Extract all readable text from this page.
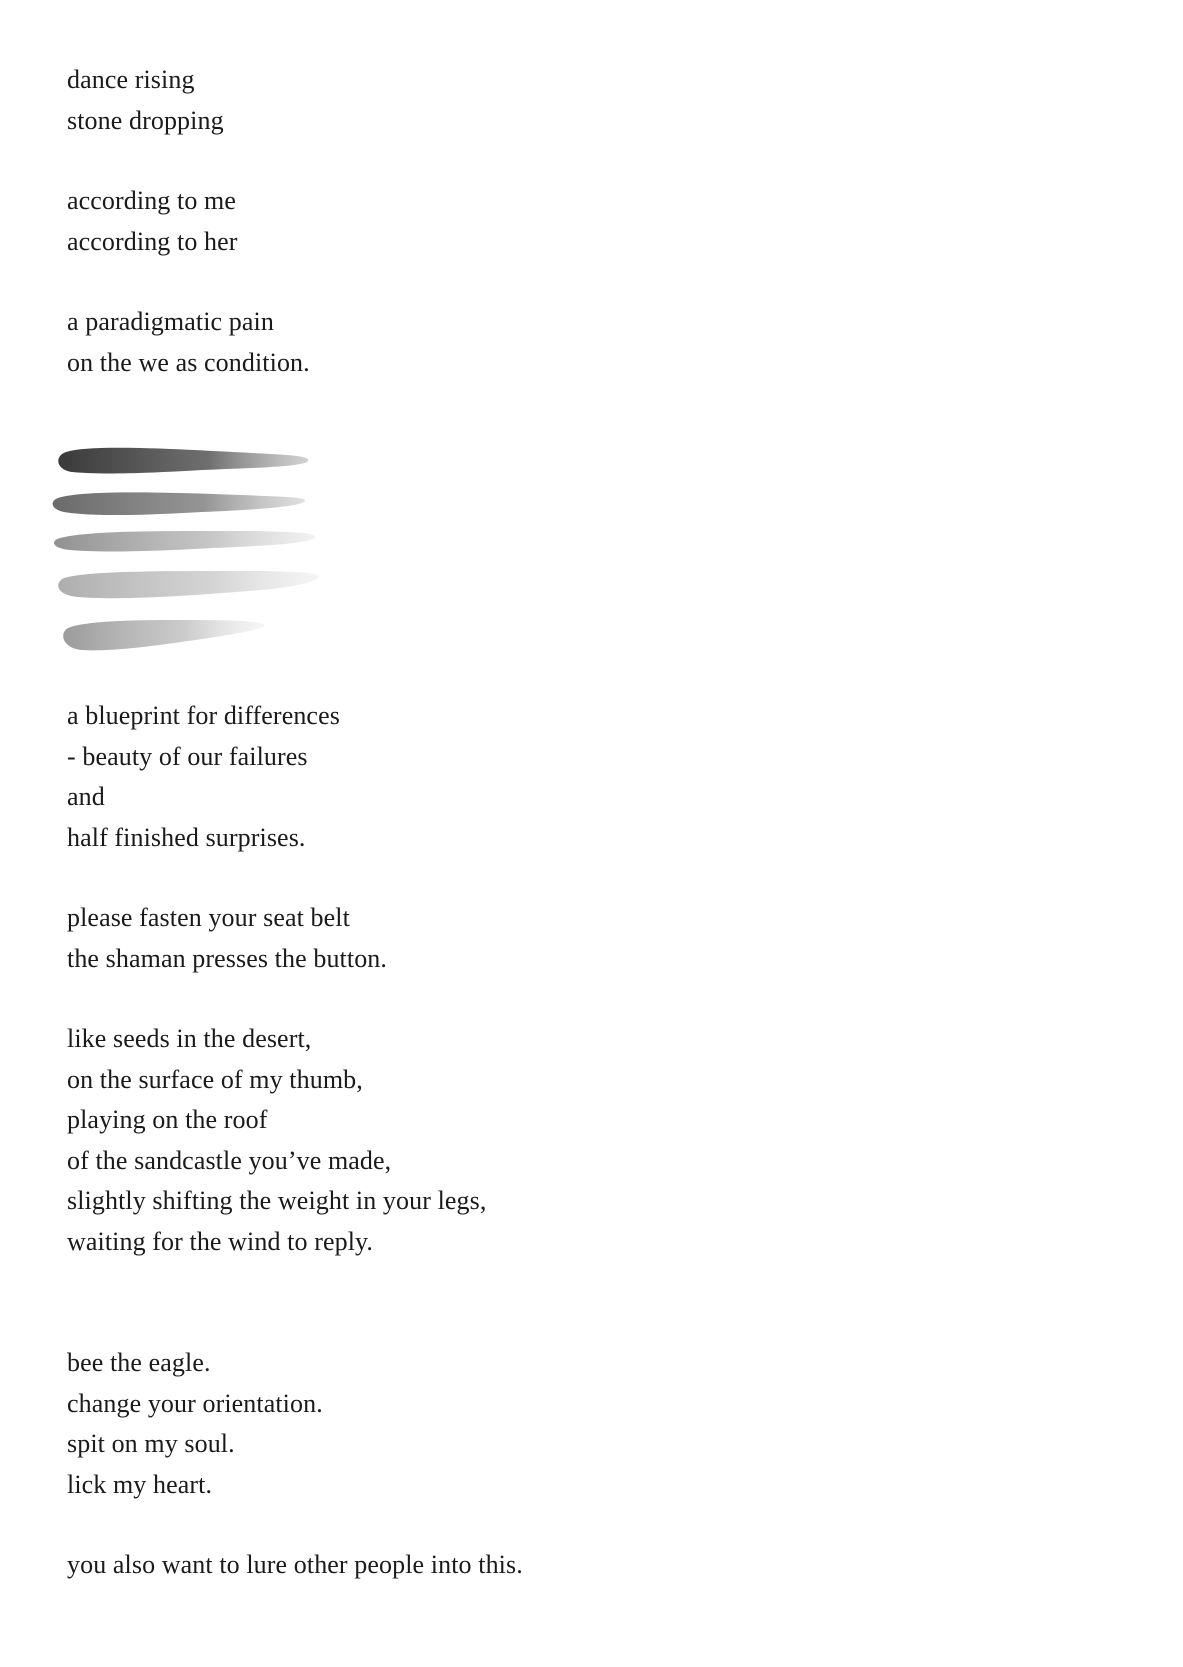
dance rising
stone dropping
according to me
according to her
a paradigmatic pain
on the we as condition.
a blueprint for differences
- beauty of our failures
and
half finished surprises.
please fasten your seat belt
the shaman presses the button.
like seeds in the desert,
on the surface of my thumb,
playing on the roof
of the sandcastle you’ve made,
slightly shifting the weight in your legs,
waiting for the wind to reply.
bee the eagle.
change your orientation.
spit on my soul.
lick my heart.
you also want to lure other people into this.
